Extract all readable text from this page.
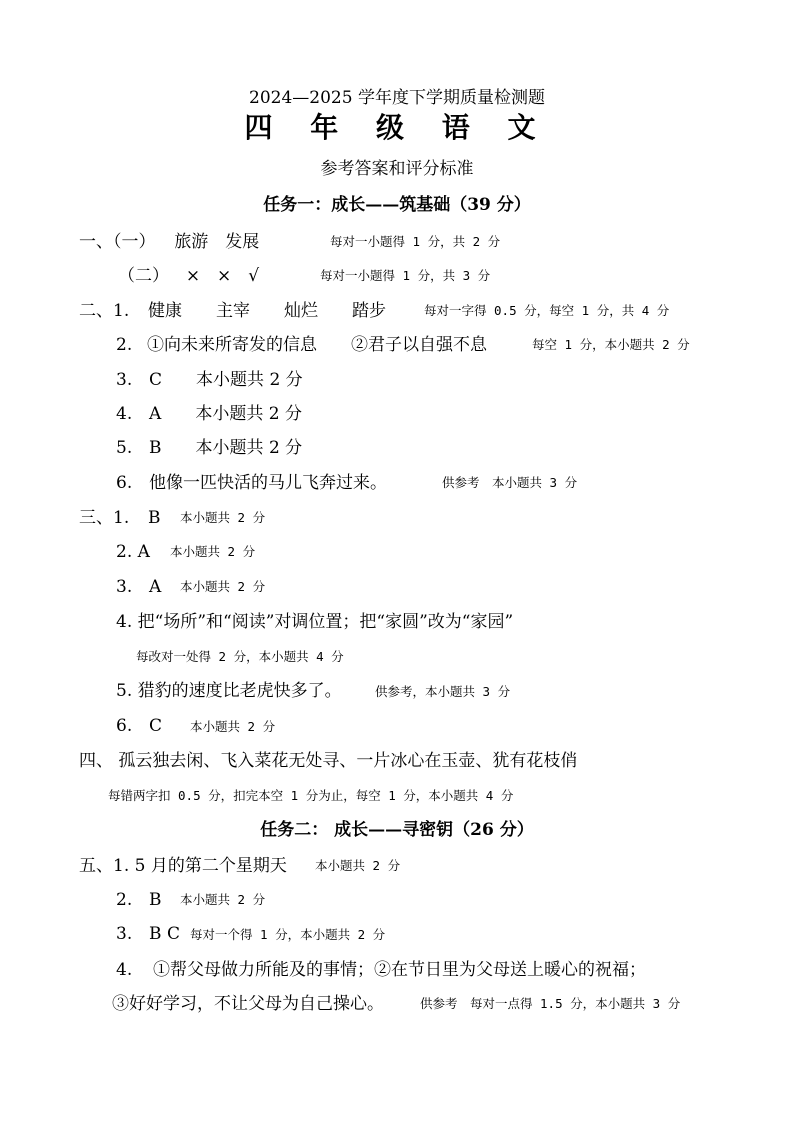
2024—2025 学年度下学期质量检测题
四 年 级 语 文
参考答案和评分标准
任务一：成长——筑基础（39 分）
一、（一） 旅游　发展	每对一小题得 1 分，共 2 分
（二） ×　×　√	每对一小题得 1 分，共 3 分
二、1. 健康　　主宰　　灿烂　　踏步	每对一字得 0.5 分，每空 1 分，共 4 分
2. ①向未来所寄发的信息　　②君子以自强不息	每空 1 分，本小题共 2 分
3. C　　本小题共 2 分
4. A　　本小题共 2 分
5. B　　本小题共 2 分
6. 他像一匹快活的马儿飞奔过来。	供参考　本小题共 3 分
三、1. B 本小题共 2 分
2. A 本小题共 2 分
3. A 本小题共 2 分
4. 把“场所”和“阅读”对调位置；把“家圆”改为“家园”
每改对一处得 2 分，本小题共 4 分
5. 猎豹的速度比老虎快多了。	供参考，本小题共 3 分
6. C 本小题共 2 分
四、 孤云独去闲、飞入菜花无处寻、一片冰心在玉壶、犹有花枝俏
每错两字扣 0.5 分，扣完本空 1 分为止，每空 1 分，本小题共 4 分
任务二： 成长——寻密钥（26 分）
五、1. 5 月的第二个星期天 本小题共 2 分
2. B 本小题共 2 分
3. B C 每对一个得 1 分，本小题共 2 分
4. ①帮父母做力所能及的事情；②在节日里为父母送上暖心的祝福；
③好好学习，不让父母为自己操心。	供参考　每对一点得 1.5 分，本小题共 3 分
